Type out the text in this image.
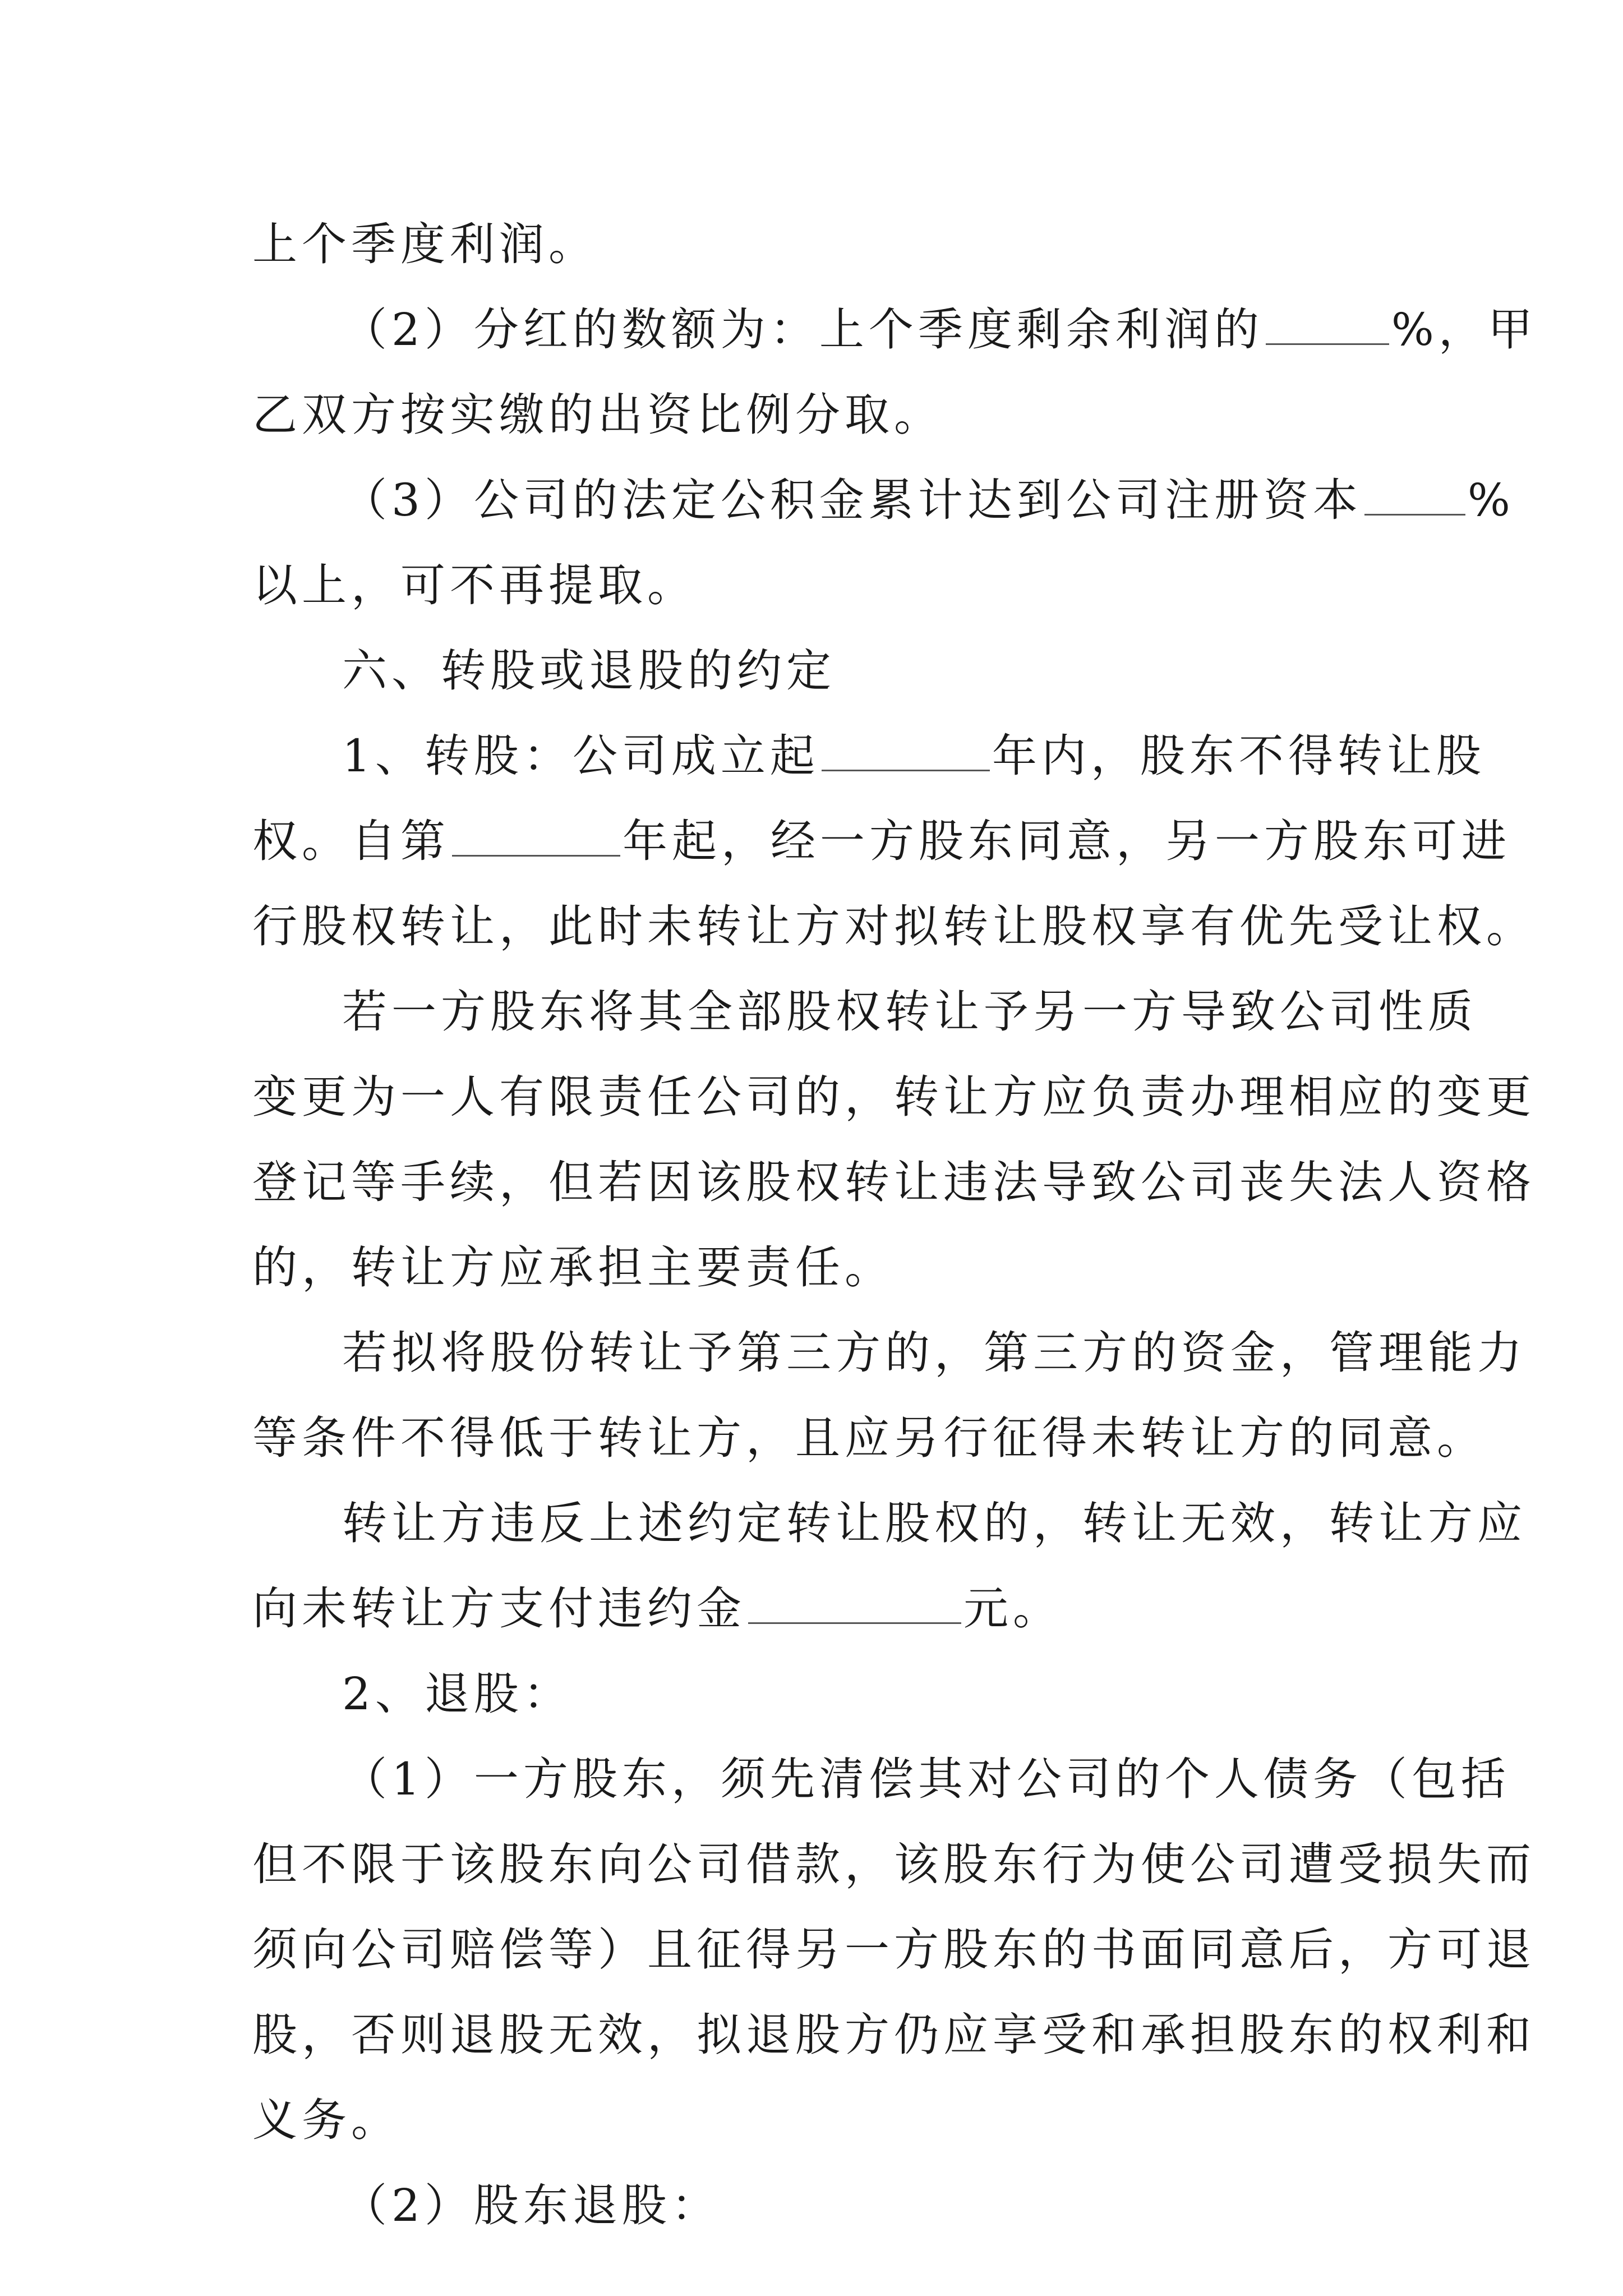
上个季度利润。
（2）分红的数额为：上个季度剩余利润的	%，甲
乙双方按实缴的出资比例分取。
（3）公司的法定公积金累计达到公司注册资本 %
以上，可不再提取。
六、转股或退股的约定
1、转股：公司成立起	年内，股东不得转让股
权。自第	年起，经一方股东同意，另一方股东可进
行股权转让，此时未转让方对拟转让股权享有优先受让权。
若一方股东将其全部股权转让予另一方导致公司性质
变更为一人有限责任公司的，转让方应负责办理相应的变更
登记等手续，但若因该股权转让违法导致公司丧失法人资格
的，转让方应承担主要责任。
若拟将股份转让予第三方的，第三方的资金，管理能力
等条件不得低于转让方，且应另行征得未转让方的同意。
转让方违反上述约定转让股权的，转让无效，转让方应
向未转让方支付违约金	元。
2、退股：
（1）一方股东，须先清偿其对公司的个人债务（包括
但不限于该股东向公司借款，该股东行为使公司遭受损失而
须向公司赔偿等）且征得另一方股东的书面同意后，方可退
股，否则退股无效，拟退股方仍应享受和承担股东的权利和
义务。
（2）股东退股：
